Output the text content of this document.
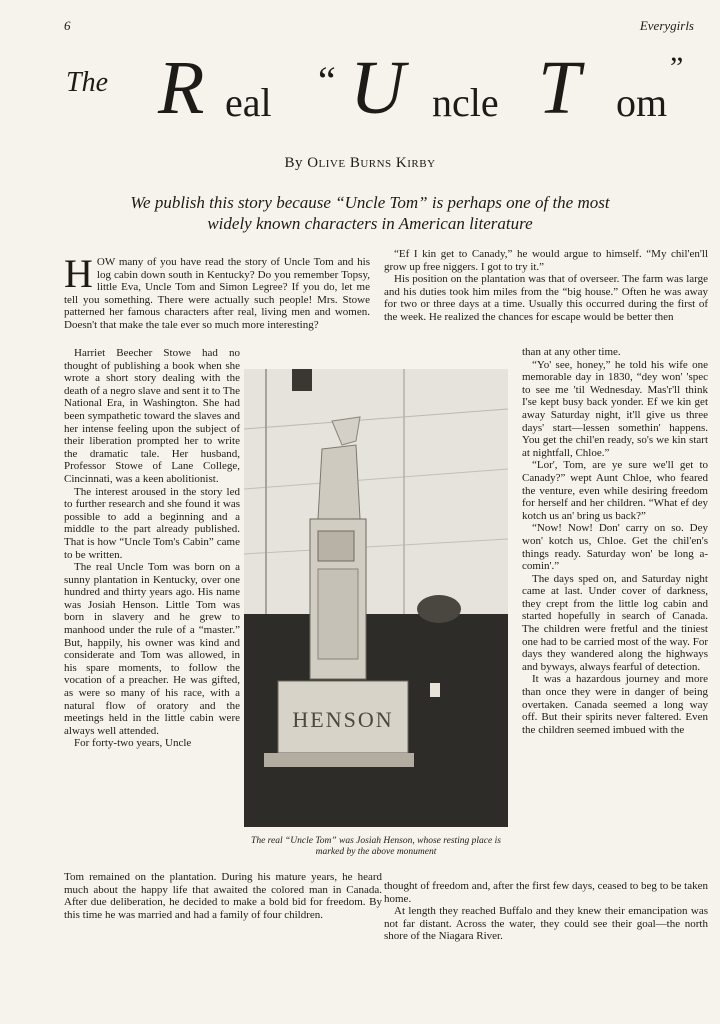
6	Everygirls
The R eal “ U ncle T om
”
By Olive Burns Kirby
We publish this story because “Uncle Tom” is perhaps one of the most widely known characters in American literature

HOW many of you have read the story of Uncle Tom and his log cabin down south in Kentucky? Do you remember Topsy, little Eva, Uncle Tom and Simon Legree? If you do, let me tell you something. There were actually such people! Mrs. Stowe patterned her famous characters after real, living men and women. Doesn't that make the tale ever so much more interesting?

Harriet Beecher Stowe had no thought of publishing a book when she wrote a short story dealing with the death of a negro slave and sent it to The National Era, in Washington. She had been sympathetic toward the slaves and her intense feeling upon the subject of their liberation prompted her to write the dramatic tale. Her husband, Professor Stowe of Lane College, Cincinnati, was a keen abolitionist.

The interest aroused in the story led to further research and she found it was possible to add a beginning and a middle to the part already published. That is how “Uncle Tom's Cabin” came to be written.

The real Uncle Tom was born on a sunny plantation in Kentucky, over one hundred and thirty years ago. His name was Josiah Henson. Little Tom was born in slavery and he grew to manhood under the rule of a “master.” But, happily, his owner was kind and considerate and Tom was allowed, in his spare moments, to follow the vocation of a preacher. He was gifted, as were so many of his race, with a natural flow of oratory and the meetings held in the little cabin were always well attended.

For forty-two years, Uncle

Tom remained on the plantation. During his mature years, he heard much about the happy life that awaited the colored man in Canada. After due deliberation, he decided to make a bold bid for freedom. By this time he was married and had a family of four children.

“Ef I kin get to Canady,” he would argue to himself. “My chil'en'll grow up free niggers. I got to try it.”

His position on the plantation was that of overseer. The farm was large and his duties took him miles from the “big house.” Often he was away for two or three days at a time. Usually this occurred during the first of the week. He realized the chances for escape would be better then

than at any other time.

“Yo' see, honey,” he told his wife one memorable day in 1830, “dey won' 'spec to see me 'til Wednesday. Mas'r'll think I'se kept busy back yonder. Ef we kin get away Saturday night, it'll give us three days' start—lessen somethin' happens. You get the chil'en ready, so's we kin start at nightfall, Chloe.”

“Lor', Tom, are ye sure we'll get to Canady?” wept Aunt Chloe, who feared the venture, even while desiring freedom for herself and her children. “What ef dey kotch us an' bring us back?”

“Now! Now! Don' carry on so. Dey won' kotch us, Chloe. Get the chil'en's things ready. Saturday won' be long a-comin'.”

The days sped on, and Saturday night came at last. Under cover of darkness, they crept from the little log cabin and started hopefully in search of Canada. The children were fretful and the tiniest one had to be carried most of the way. For days they wandered along the highways and byways, always fearful of detection.

It was a hazardous journey and more than once they were in danger of being overtaken. Canada seemed a long way off. But their spirits never faltered. Even the children seemed imbued with the

thought of freedom and, after the first few days, ceased to beg to be taken home.

At length they reached Buffalo and they knew their emancipation was not far distant. Across the water, they could see their goal—the north shore of the Niagara River.

HENSON
The real “Uncle Tom” was Josiah Henson, whose resting place is marked by the above monument
